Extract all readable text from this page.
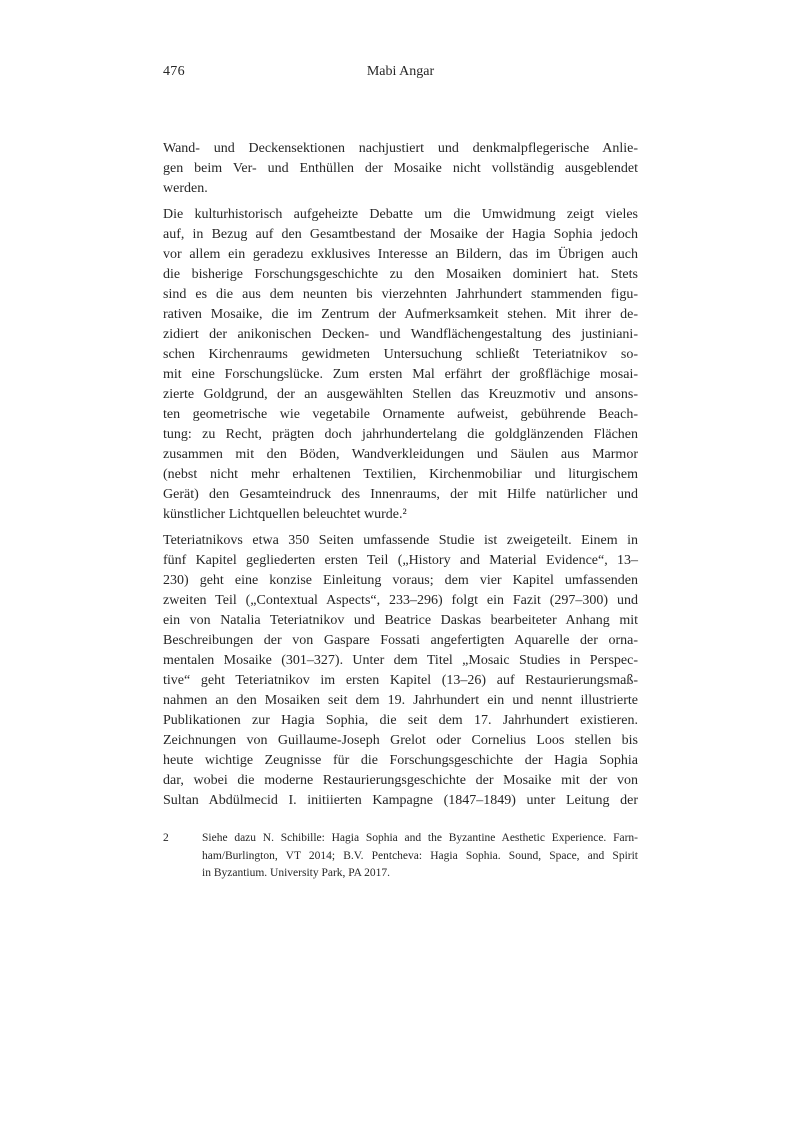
476	Mabi Angar
Wand- und Deckensektionen nachjustiert und denkmalpflegerische Anlie-
gen beim Ver- und Enthüllen der Mosaike nicht vollständig ausgeblendet
werden.
Die kulturhistorisch aufgeheizte Debatte um die Umwidmung zeigt vieles
auf, in Bezug auf den Gesamtbestand der Mosaike der Hagia Sophia jedoch
vor allem ein geradezu exklusives Interesse an Bildern, das im Übrigen auch
die bisherige Forschungsgeschichte zu den Mosaiken dominiert hat. Stets
sind es die aus dem neunten bis vierzehnten Jahrhundert stammenden figu-
rativen Mosaike, die im Zentrum der Aufmerksamkeit stehen. Mit ihrer de-
zidiert der anikonischen Decken- und Wandflächengestaltung des justiniani-
schen Kirchenraums gewidmeten Untersuchung schließt Teteriatnikov so-
mit eine Forschungslücke. Zum ersten Mal erfährt der großflächige mosai-
zierte Goldgrund, der an ausgewählten Stellen das Kreuzmotiv und ansons-
ten geometrische wie vegetabile Ornamente aufweist, gebührende Beach-
tung: zu Recht, prägten doch jahrhundertelang die goldglänzenden Flächen
zusammen mit den Böden, Wandverkleidungen und Säulen aus Marmor
(nebst nicht mehr erhaltenen Textilien, Kirchenmobiliar und liturgischem
Gerät) den Gesamteindruck des Innenraums, der mit Hilfe natürlicher und
künstlicher Lichtquellen beleuchtet wurde.²
Teteriatnikovs etwa 350 Seiten umfassende Studie ist zweigeteilt. Einem in
fünf Kapitel gegliederten ersten Teil („History and Material Evidence“, 13–
230) geht eine konzise Einleitung voraus; dem vier Kapitel umfassenden
zweiten Teil („Contextual Aspects“, 233–296) folgt ein Fazit (297–300) und
ein von Natalia Teteriatnikov und Beatrice Daskas bearbeiteter Anhang mit
Beschreibungen der von Gaspare Fossati angefertigten Aquarelle der orna-
mentalen Mosaike (301–327). Unter dem Titel „Mosaic Studies in Perspec-
tive“ geht Teteriatnikov im ersten Kapitel (13–26) auf Restaurierungsmaß-
nahmen an den Mosaiken seit dem 19. Jahrhundert ein und nennt illustrierte
Publikationen zur Hagia Sophia, die seit dem 17. Jahrhundert existieren.
Zeichnungen von Guillaume-Joseph Grelot oder Cornelius Loos stellen bis
heute wichtige Zeugnisse für die Forschungsgeschichte der Hagia Sophia
dar, wobei die moderne Restaurierungsgeschichte der Mosaike mit der von
Sultan Abdülmecid I. initiierten Kampagne (1847–1849) unter Leitung der
2	Siehe dazu N. Schibille: Hagia Sophia and the Byzantine Aesthetic Experience. Farn-
ham/Burlington, VT 2014; B.V. Pentcheva: Hagia Sophia. Sound, Space, and Spirit
in Byzantium. University Park, PA 2017.
